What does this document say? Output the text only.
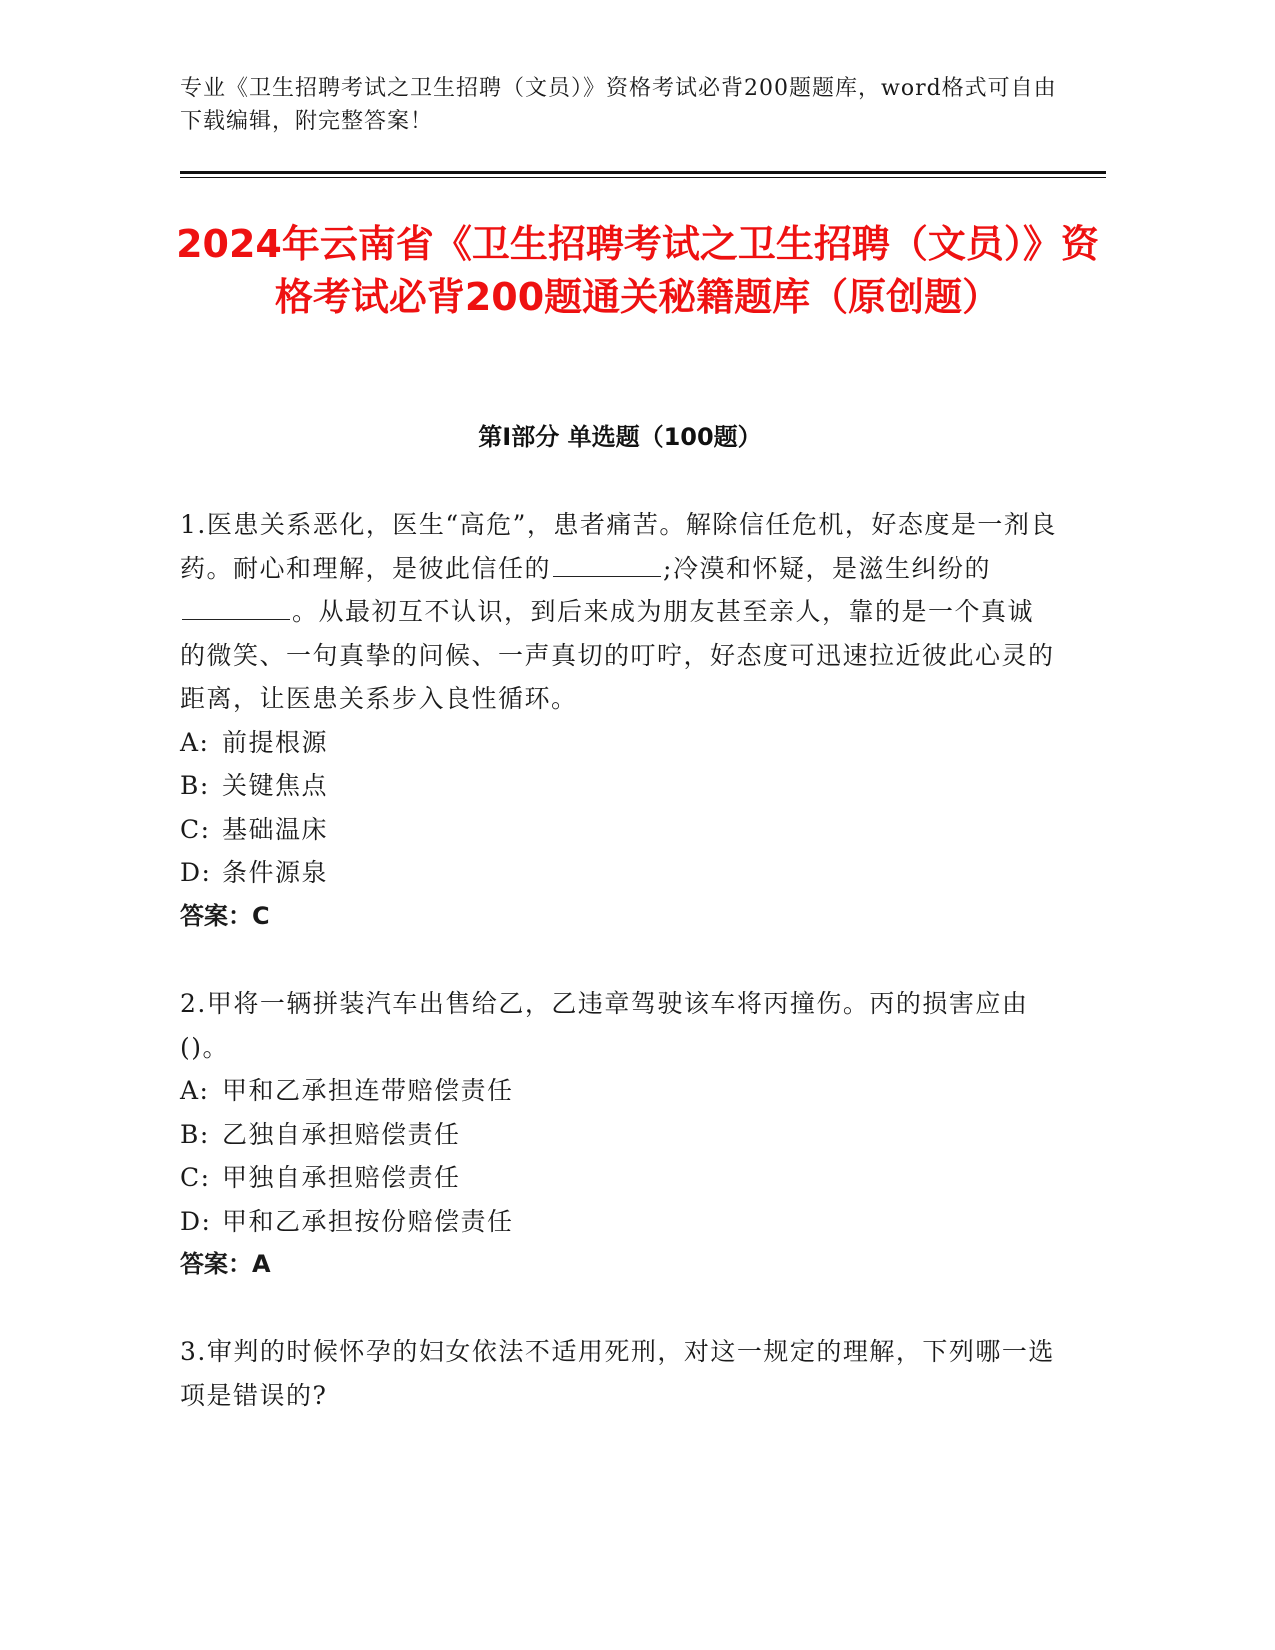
专业《卫生招聘考试之卫生招聘（文员）》资格考试必背200题题库，word格式可自由下载编辑，附完整答案！
2024年云南省《卫生招聘考试之卫生招聘（文员）》资格考试必背200题通关秘籍题库（原创题）
第Ⅰ部分 单选题（100题）

1.医患关系恶化，医生“高危”，患者痛苦。解除信任危机，好态度是一剂良药。耐心和理解，是彼此信任的	;冷漠和怀疑，是滋生纠纷的。从最初互不认识，到后来成为朋友甚至亲人，靠的是一个真诚的微笑、一句真挚的问候、一声真切的叮咛，好态度可迅速拉近彼此心灵的距离，让医患关系步入良性循环。

A: 前提根源

B: 关键焦点

C: 基础温床

D: 条件源泉

答案：C

2.甲将一辆拼装汽车出售给乙，乙违章驾驶该车将丙撞伤。丙的损害应由()。

A: 甲和乙承担连带赔偿责任

B: 乙独自承担赔偿责任

C: 甲独自承担赔偿责任

D: 甲和乙承担按份赔偿责任

答案：A

3.审判的时候怀孕的妇女依法不适用死刑，对这一规定的理解，下列哪一选项是错误的?
